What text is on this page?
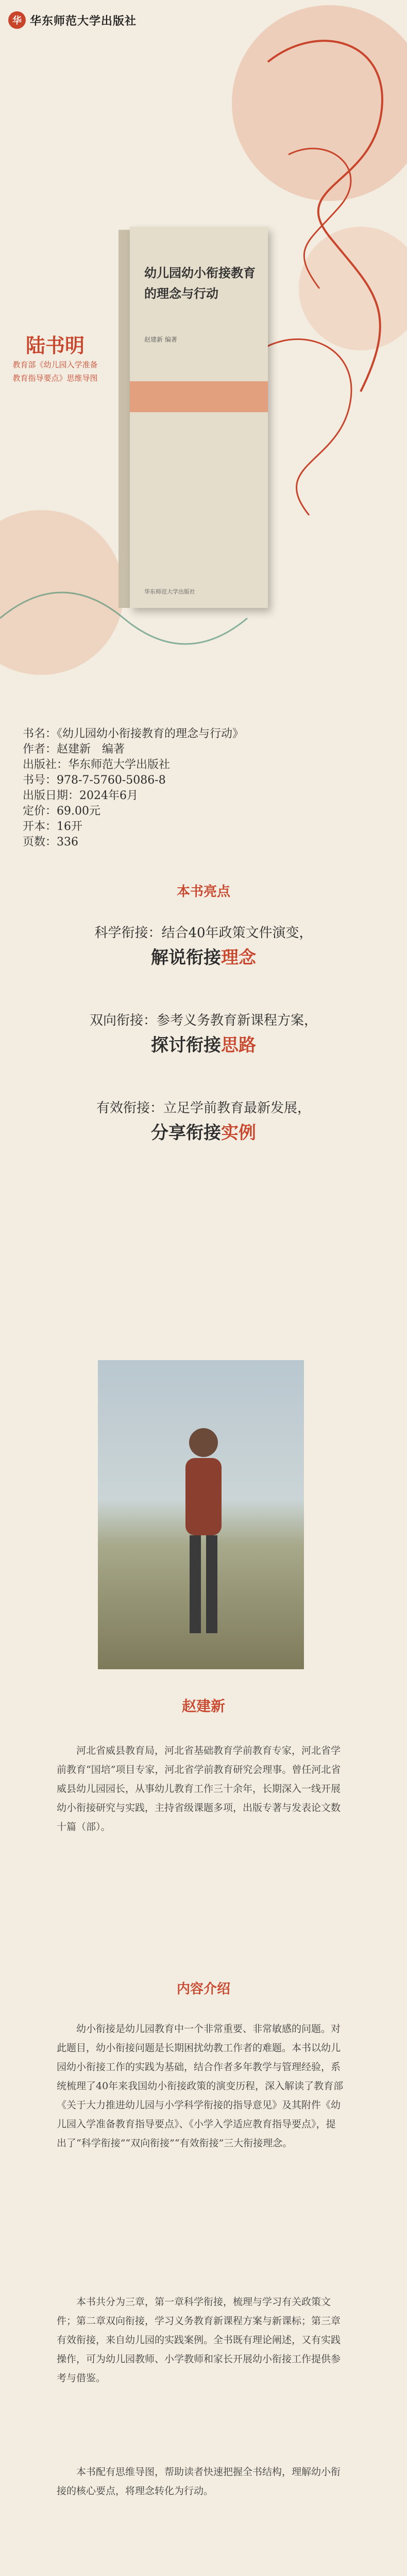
华 华东师范大学出版社
陆书明
教育部《幼儿园入学准备
教育指导要点》思维导图
幼儿园幼小衔接教育的理念与行动
赵建新 编著
华东师范大学出版社
书名：《幼儿园幼小衔接教育的理念与行动》
作者：赵建新　编著
出版社：华东师范大学出版社
书号：978-7-5760-5086-8
出版日期：2024年6月
定价：69.00元
开本：16开
页数：336
本书亮点
科学衔接：结合40年政策文件演变，
解说衔接理念
双向衔接：参考义务教育新课程方案，
探讨衔接思路
有效衔接：立足学前教育最新发展，
分享衔接实例
赵建新
河北省威县教育局，河北省基础教育学前教育专家，河北省学前教育“国培”项目专家，河北省学前教育研究会理事。曾任河北省威县幼儿园园长，从事幼儿教育工作三十余年，长期深入一线开展幼小衔接研究与实践，主持省级课题多项，出版专著与发表论文数十篇（部）。
内容介绍
幼小衔接是幼儿园教育中一个非常重要、非常敏感的问题。对此题目，幼小衔接问题是长期困扰幼教工作者的难题。本书以幼儿园幼小衔接工作的实践为基础，结合作者多年教学与管理经验，系统梳理了40年来我国幼小衔接政策的演变历程，深入解读了教育部《关于大力推进幼儿园与小学科学衔接的指导意见》及其附件《幼儿园入学准备教育指导要点》、《小学入学适应教育指导要点》，提出了“科学衔接”“双向衔接”“有效衔接”三大衔接理念。
本书共分为三章，第一章科学衔接，梳理与学习有关政策文件；第二章双向衔接，学习义务教育新课程方案与新课标；第三章有效衔接，来自幼儿园的实践案例。全书既有理论阐述，又有实践操作，可为幼儿园教师、小学教师和家长开展幼小衔接工作提供参考与借鉴。
本书配有思维导图，帮助读者快速把握全书结构，理解幼小衔接的核心要点，将理念转化为行动。
